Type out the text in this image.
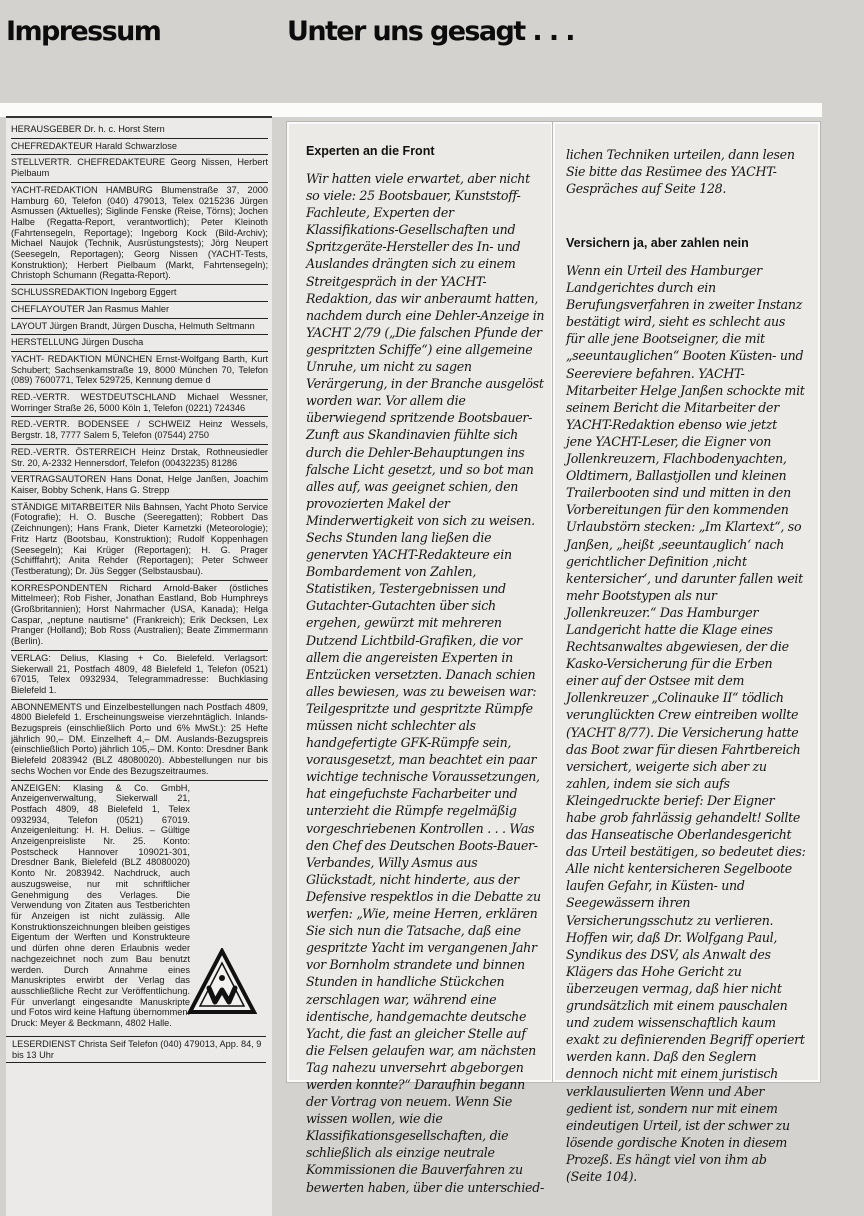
Impressum	Unter uns gesagt . . .
HERAUSGEBER Dr. h. c. Horst Stern
CHEFREDAKTEUR Harald Schwarzlose
STELLVERTR. CHEFREDAKTEURE Georg Nissen, Herbert Pielbaum
YACHT-REDAKTION HAMBURG Blumenstraße 37, 2000 Hamburg 60, Telefon (040) 479013, Telex 0215236 Jürgen Asmussen (Aktuelles); Siglinde Fenske (Reise, Törns); Jochen Halbe (Regatta-Report, verantwortlich); Peter Kleinoth (Fahrtensegeln, Reportage); Ingeborg Kock (Bild-Archiv); Michael Naujok (Technik, Ausrüstungstests); Jörg Neupert (Seesegeln, Reportagen); Georg Nissen (YACHT-Tests, Konstruktion); Herbert Pielbaum (Markt, Fahrtensegeln); Christoph Schumann (Regatta-Report).
SCHLUSSREDAKTION Ingeborg Eggert
CHEFLAYOUTER Jan Rasmus Mahler
LAYOUT Jürgen Brandt, Jürgen Duscha, Helmuth Seltmann
HERSTELLUNG Jürgen Duscha
YACHT- REDAKTION MÜNCHEN Ernst-Wolfgang Barth, Kurt Schubert; Sachsenkamstraße 19, 8000 München 70, Telefon (089) 7600771, Telex 529725, Kennung demue d
RED.-VERTR. WESTDEUTSCHLAND Michael Wessner, Worringer Straße 26, 5000 Köln 1, Telefon (0221) 724346
RED.-VERTR. BODENSEE / SCHWEIZ Heinz Wessels, Bergstr. 18, 7777 Salem 5, Telefon (07544) 2750
RED.-VERTR. ÖSTERREICH Heinz Drstak, Rothneusiedler Str. 20, A-2332 Hennersdorf, Telefon (00432235) 81286
VERTRAGSAUTOREN Hans Donat, Helge Janßen, Joachim Kaiser, Bobby Schenk, Hans G. Strepp
STÄNDIGE MITARBEITER Nils Bahnsen, Yacht Photo Service (Fotografie); H. O. Busche (Seeregatten); Robbert Das (Zeichnungen); Hans Frank, Dieter Karnetzki (Meteorologie); Fritz Hartz (Bootsbau, Konstruktion); Rudolf Koppenhagen (Seesegeln); Kai Krüger (Reportagen); H. G. Prager (Schifffahrt); Anita Rehder (Reportagen); Peter Schweer (Testberatung); Dr. Jüs Segger (Selbstausbau).
KORRESPONDENTEN Richard Arnold-Baker (östliches Mittelmeer); Rob Fisher, Jonathan Eastland, Bob Humphreys (Großbritannien); Horst Nahrmacher (USA, Kanada); Helga Caspar, „neptune nautisme“ (Frankreich); Erik Decksen, Lex Pranger (Holland); Bob Ross (Australien); Beate Zimmermann (Berlin).
VERLAG: Delius, Klasing + Co. Bielefeld. Verlagsort: Siekerwall 21, Postfach 4809, 48 Bielefeld 1, Telefon (0521) 67015, Telex 0932934, Telegrammadresse: Buchklasing Bielefeld 1.
ABONNEMENTS und Einzelbestellungen nach Postfach 4809, 4800 Bielefeld 1. Erscheinungsweise vierzehntäglich. Inlands-Bezugspreis (einschließlich Porto und 6% MwSt.): 25 Hefte jährlich 90,– DM. Einzelheft 4,– DM. Auslands-Bezugspreis (einschließlich Porto) jährlich 105,– DM. Konto: Dresdner Bank Bielefeld 2083942 (BLZ 48080020). Abbestellungen nur bis sechs Wochen vor Ende des Bezugszeitraumes.
ANZEIGEN: Klasing & Co. GmbH, Anzeigenverwaltung, Siekerwall 21, Postfach 4809, 48 Bielefeld 1, Telex 0932934, Telefon (0521) 67019. Anzeigenleitung: H. H. Delius. – Gültige Anzeigenpreisliste Nr. 25. Konto: Postscheck Hannover 109021-301, Dresdner Bank, Bielefeld (BLZ 48080020) Konto Nr. 2083942. Nachdruck, auch auszugsweise, nur mit schriftlicher Genehmigung des Verlages. Die Verwendung von Zitaten aus Testberichten für Anzeigen ist nicht zulässig. Alle Konstruktionszeichnungen bleiben geistiges Eigentum der Werften und Konstrukteure und dürfen ohne deren Erlaubnis weder nachgezeichnet noch zum Bau benutzt werden. Durch Annahme eines Manuskriptes erwirbt der Verlag das ausschließliche Recht zur Veröffentlichung. Für unverlangt eingesandte Manuskripte und Fotos wird keine Haftung übernommen. Druck: Meyer & Beckmann, 4802 Halle.
LESERDIENST Christa Seif Telefon (040) 479013, App. 84, 9 bis 13 Uhr
Experten an die Front

Wir hatten viele erwartet, aber nicht so viele: 25 Bootsbauer, Kunststoff-Fachleute, Experten der Klassifikations-Gesellschaften und Spritzgeräte-Hersteller des In- und Auslandes drängten sich zu einem Streitgespräch in der YACHT-Redaktion, das wir anberaumt hatten, nachdem durch eine Dehler-Anzeige in YACHT 2/79 („Die falschen Pfunde der gespritzten Schiffe“) eine allgemeine Unruhe, um nicht zu sagen Verärgerung, in der Branche ausgelöst worden war. Vor allem die überwiegend spritzende Bootsbauer-Zunft aus Skandinavien fühlte sich durch die Dehler-Behauptungen ins falsche Licht gesetzt, und so bot man alles auf, was geeignet schien, den provozierten Makel der Minderwertigkeit von sich zu weisen. Sechs Stunden lang ließen die genervten YACHT-Redakteure ein Bombardement von Zahlen, Statistiken, Testergebnissen und Gutachter-Gutachten über sich ergehen, gewürzt mit mehreren Dutzend Lichtbild-Grafiken, die vor allem die angereisten Experten in Entzücken versetzten. Danach schien alles bewiesen, was zu beweisen war: Teilgespritzte und gespritzte Rümpfe müssen nicht schlechter als handgefertigte GFK-Rümpfe sein, vorausgesetzt, man beachtet ein paar wichtige technische Voraussetzungen, hat eingefuchste Facharbeiter und unterzieht die Rümpfe regelmäßig vorgeschriebenen Kontrollen . . . Was den Chef des Deutschen Boots-Bauer-Verbandes, Willy Asmus aus Glückstadt, nicht hinderte, aus der Defensive respektlos in die Debatte zu werfen: „Wie, meine Herren, erklären Sie sich nun die Tatsache, daß eine gespritzte Yacht im vergangenen Jahr vor Bornholm strandete und binnen Stunden in handliche Stückchen zerschlagen war, während eine identische, handgemachte deutsche Yacht, die fast an gleicher Stelle auf die Felsen gelaufen war, am nächsten Tag nahezu unversehrt abgeborgen werden konnte?“ Daraufhin begann der Vortrag von neuem. Wenn Sie wissen wollen, wie die Klassifikationsgesellschaften, die schließlich als einzige neutrale Kommissionen die Bauverfahren zu bewerten haben, über die unterschied-

lichen Techniken urteilen, dann lesen Sie bitte das Resümee des YACHT-Gespräches auf Seite 128.

Versichern ja, aber zahlen nein

Wenn ein Urteil des Hamburger Landgerichtes durch ein Berufungsverfahren in zweiter Instanz bestätigt wird, sieht es schlecht aus für alle jene Bootseigner, die mit „seeuntauglichen“ Booten Küsten- und Seereviere befahren. YACHT-Mitarbeiter Helge Janßen schockte mit seinem Bericht die Mitarbeiter der YACHT-Redaktion ebenso wie jetzt jene YACHT-Leser, die Eigner von Jollenkreuzern, Flachbodenyachten, Oldtimern, Ballastjollen und kleinen Trailerbooten sind und mitten in den Vorbereitungen für den kommenden Urlaubstörn stecken: „Im Klartext“, so Janßen, „heißt ‚seeuntauglich‘ nach gerichtlicher Definition ‚nicht kentersicher‘, und darunter fallen weit mehr Bootstypen als nur Jollenkreuzer.“ Das Hamburger Landgericht hatte die Klage eines Rechtsanwaltes abgewiesen, der die Kasko-Versicherung für die Erben einer auf der Ostsee mit dem Jollenkreuzer „Colinauke II“ tödlich verunglückten Crew eintreiben wollte (YACHT 8/77). Die Versicherung hatte das Boot zwar für diesen Fahrtbereich versichert, weigerte sich aber zu zahlen, indem sie sich aufs Kleingedruckte berief: Der Eigner habe grob fahrlässig gehandelt! Sollte das Hanseatische Oberlandesgericht das Urteil bestätigen, so bedeutet dies: Alle nicht kentersicheren Segelboote laufen Gefahr, in Küsten- und Seegewässern ihren Versicherungsschutz zu verlieren. Hoffen wir, daß Dr. Wolfgang Paul, Syndikus des DSV, als Anwalt des Klägers das Hohe Gericht zu überzeugen vermag, daß hier nicht grundsätzlich mit einem pauschalen und zudem wissenschaftlich kaum exakt zu definierenden Begriff operiert werden kann. Daß den Seglern dennoch nicht mit einem juristisch verklausulierten Wenn und Aber gedient ist, sondern nur mit einem eindeutigen Urteil, ist der schwer zu lösende gordische Knoten in diesem Prozeß. Es hängt viel von ihm ab (Seite 104).
